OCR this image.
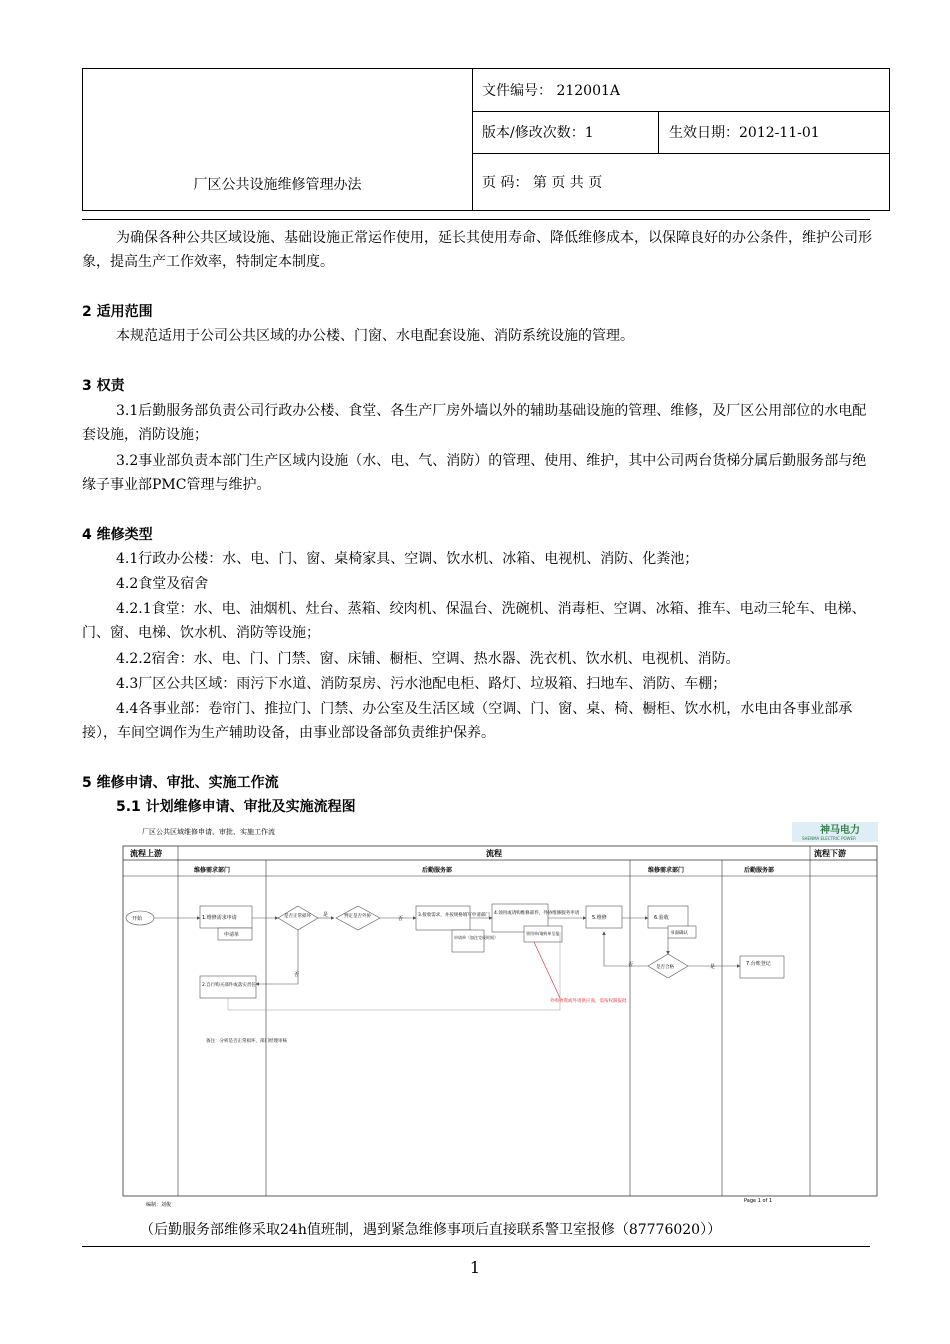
厂区公共设施维修管理办法
文件编号： 212001A
版本/修改次数：1	生效日期：2012-11-01
页 码： 第 页 共 页

为确保各种公共区域设施、基础设施正常运作使用，延长其使用寿命、降低维修成本，以保障良好的办公条件，维护公司形象，提高生产工作效率，特制定本制度。

2 适用范围

本规范适用于公司公共区域的办公楼、门窗、水电配套设施、消防系统设施的管理。

3 权责

3.1后勤服务部负责公司行政办公楼、食堂、各生产厂房外墙以外的辅助基础设施的管理、维修，及厂区公用部位的水电配套设施，消防设施；

3.2事业部负责本部门生产区域内设施（水、电、气、消防）的管理、使用、维护，其中公司两台货梯分属后勤服务部与绝缘子事业部PMC管理与维护。

4 维修类型

4.1行政办公楼：水、电、门、窗、桌椅家具、空调、饮水机、冰箱、电视机、消防、化粪池；

4.2食堂及宿舍

4.2.1食堂：水、电、油烟机、灶台、蒸箱、绞肉机、保温台、洗碗机、消毒柜、空调、冰箱、推车、电动三轮车、电梯、门、窗、电梯、饮水机、消防等设施；

4.2.2宿舍：水、电、门、门禁、窗、床铺、橱柜、空调、热水器、洗衣机、饮水机、电视机、消防。

4.3厂区公共区域：雨污下水道、消防泵房、污水池配电柜、路灯、垃圾箱、扫地车、消防、车棚；

4.4各事业部：卷帘门、推拉门、门禁、办公室及生活区域（空调、门、窗、桌、椅、橱柜、饮水机，水电由各事业部承接），车间空调作为生产辅助设备，由事业部设备部负责维护保养。

5 维修申请、审批、实施工作流

5.1 计划维修申请、审批及实施流程图

厂区公共区域维修申请、审批、实施工作流	神马电力
SHENMA ELECTRIC POWER
流程上游	流程	流程下游
维修需求部门	后勤服务部	维修需求部门	后勤服务部
开始	1.维修需求申请
申请单
是否正常损坏 是	判定是否外协	否
3.接收需求，并按规格填写申请部门
申请单（加注完成时间）
4.领用或请购维修部件，外协维修服务申请
领用单/请购单呈报
5.维修	6.验收
书面确认
是否合格	是
否	7.台账登记
2.自行购买部件或落实责任
否
外购物资或外请供应商，需按权限报批
备注：分析是否正常损坏，部门经理审核
编制：刘俊
Page 1 of 1

（后勤服务部维修采取24h值班制，遇到紧急维修事项后直接联系警卫室报修（87776020））

1
